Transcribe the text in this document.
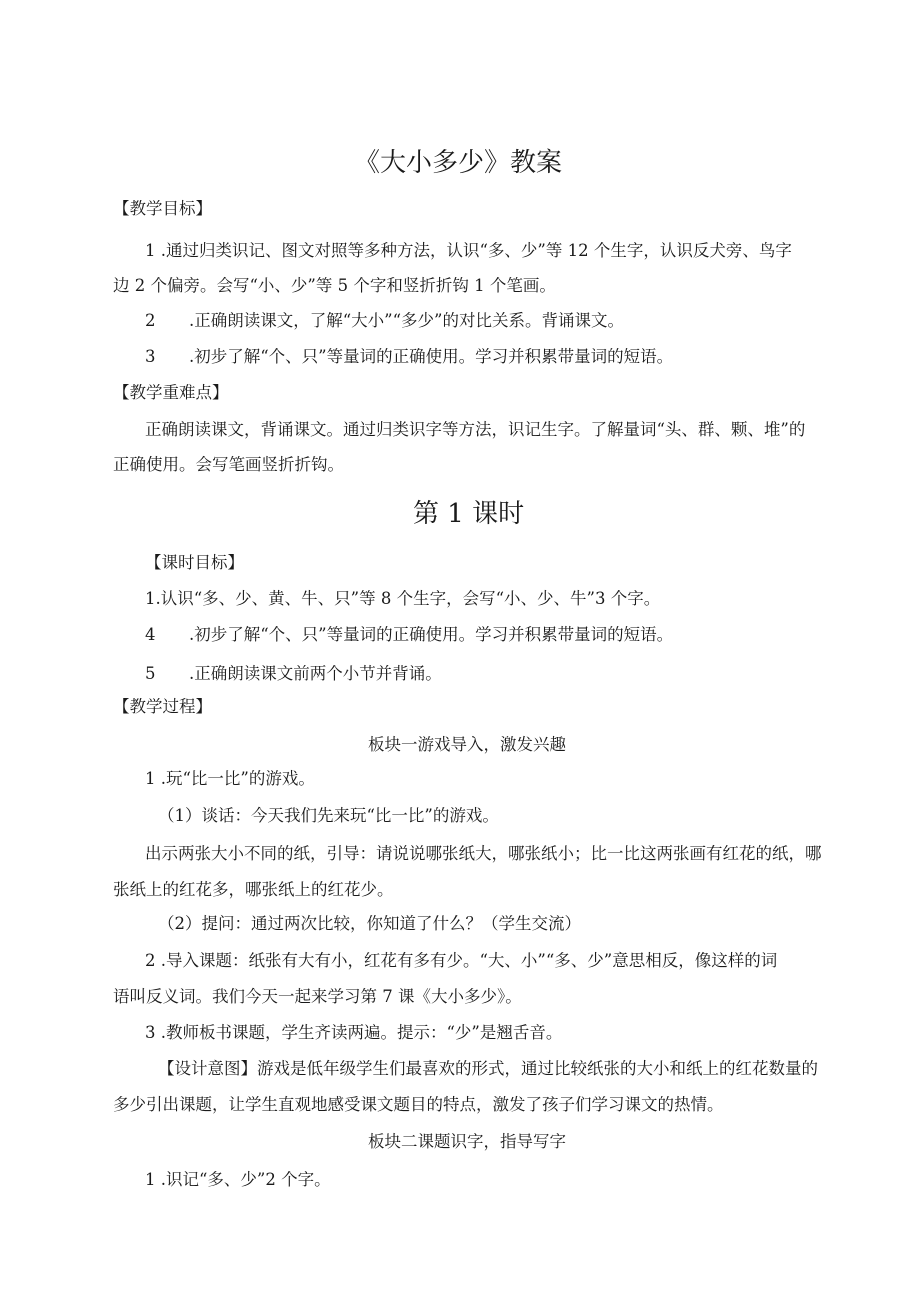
《大小多少》教案
【教学目标】
1 .通过归类识记、图文对照等多种方法，认识“多、少”等 12 个生字，认识反犬旁、鸟字
边 2 个偏旁。会写“小、少”等 5 个字和竖折折钩 1 个笔画。
2 .正确朗读课文，了解“大小”“多少”的对比关系。背诵课文。
3 .初步了解“个、只”等量词的正确使用。学习并积累带量词的短语。
【教学重难点】
正确朗读课文，背诵课文。通过归类识字等方法，识记生字。了解量词“头、群、颗、堆”的
正确使用。会写笔画竖折折钩。
第 1 课时
【课时目标】
1.认识“多、少、黄、牛、只”等 8 个生字，会写“小、少、牛”3 个字。
4 .初步了解“个、只”等量词的正确使用。学习并积累带量词的短语。
5 .正确朗读课文前两个小节并背诵。
【教学过程】
板块一游戏导入，激发兴趣
1 .玩“比一比”的游戏。
（1）谈话：今天我们先来玩“比一比”的游戏。
出示两张大小不同的纸，引导：请说说哪张纸大，哪张纸小；比一比这两张画有红花的纸，哪
张纸上的红花多，哪张纸上的红花少。
（2）提问：通过两次比较，你知道了什么？（学生交流）
2 .导入课题：纸张有大有小，红花有多有少。“大、小”“多、少”意思相反，像这样的词
语叫反义词。我们今天一起来学习第 7 课《大小多少》。
3 .教师板书课题，学生齐读两遍。提示：“少”是翘舌音。
【设计意图】游戏是低年级学生们最喜欢的形式，通过比较纸张的大小和纸上的红花数量的
多少引出课题，让学生直观地感受课文题目的特点，激发了孩子们学习课文的热情。
板块二课题识字，指导写字
1 .识记“多、少”2 个字。
